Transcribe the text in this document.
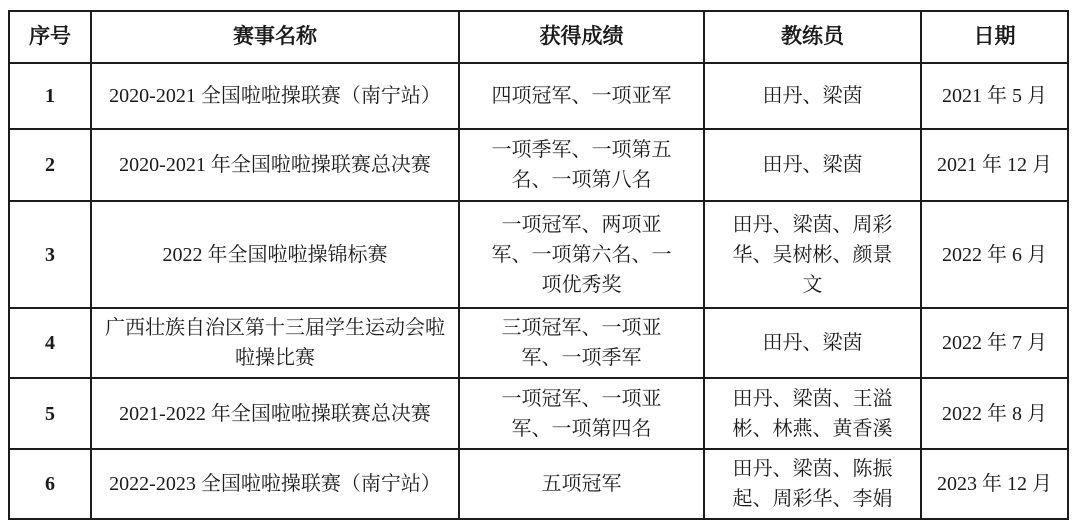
序号	赛事名称	获得成绩	教练员	日期
1	2020-2021 全国啦啦操联赛（南宁站）	四项冠军、一项亚军	田丹、梁茵	2021 年 5 月
2	2020-2021 年全国啦啦操联赛总决赛	一项季军、一项第五名、一项第八名	田丹、梁茵	2021 年 12 月
3	2022 年全国啦啦操锦标赛	一项冠军、两项亚军、一项第六名、一项优秀奖	田丹、梁茵、周彩华、吴树彬、颜景文	2022 年 6 月
4	广西壮族自治区第十三届学生运动会啦啦操比赛	三项冠军、一项亚军、一项季军	田丹、梁茵	2022 年 7 月
5	2021-2022 年全国啦啦操联赛总决赛	一项冠军、一项亚军、一项第四名	田丹、梁茵、王溢彬、林燕、黄香溪	2022 年 8 月
6	2022-2023 全国啦啦操联赛（南宁站）	五项冠军	田丹、梁茵、陈振起、周彩华、李娟	2023 年 12 月
